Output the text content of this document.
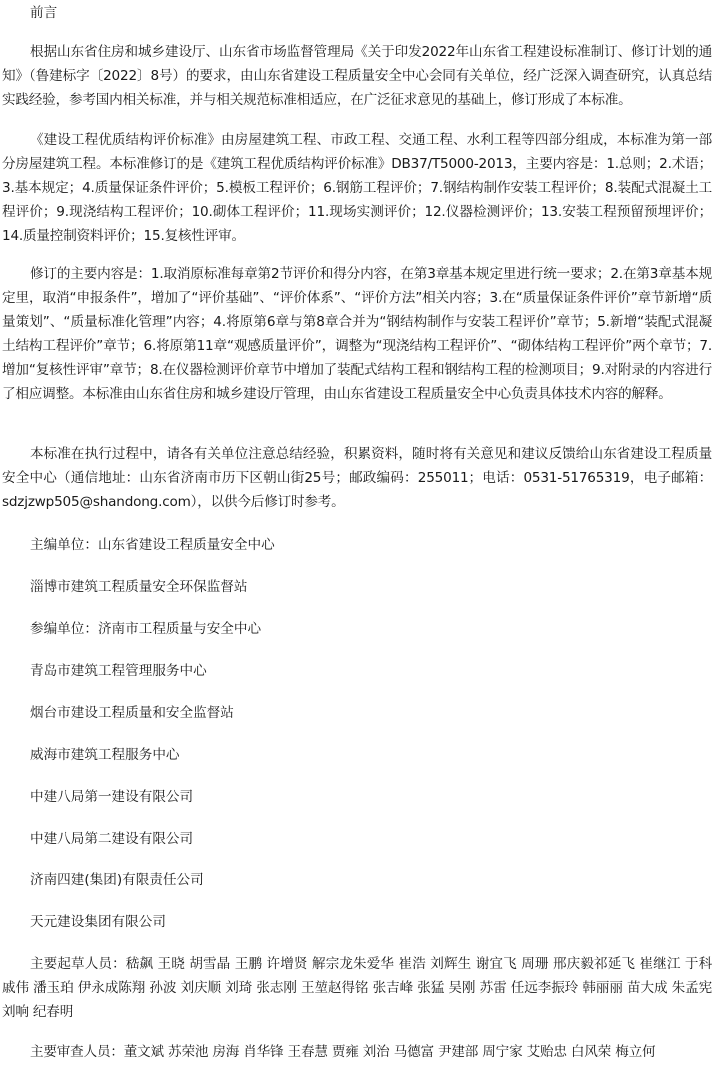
前言

根据山东省住房和城乡建设厅、山东省市场监督管理局《关于印发2022年山东省工程建设标准制订、修订计划的通知》（鲁建标字〔2022〕8号）的要求，由山东省建设工程质量安全中心会同有关单位，经广泛深入调查研究，认真总结实践经验，参考国内相关标准，并与相关规范标准相适应，在广泛征求意见的基础上，修订形成了本标准。

《建设工程优质结构评价标准》由房屋建筑工程、市政工程、交通工程、水利工程等四部分组成，本标准为第一部分房屋建筑工程。本标准修订的是《建筑工程优质结构评价标准》DB37/T5000-2013，主要内容是：1.总则；2.术语；3.基本规定；4.质量保证条件评价；5.模板工程评价；6.钢筋工程评价；7.钢结构制作安装工程评价；8.装配式混凝土工程评价；9.现浇结构工程评价；10.砌体工程评价；11.现场实测评价；12.仪器检测评价；13.安装工程预留预埋评价；14.质量控制资料评价；15.复核性评审。

修订的主要内容是：1.取消原标准每章第2节评价和得分内容，在第3章基本规定里进行统一要求；2.在第3章基本规定里，取消“申报条件”，增加了“评价基础”、“评价体系”、“评价方法”相关内容；3.在“质量保证条件评价”章节新增“质量策划”、“质量标准化管理”内容；4.将原第6章与第8章合并为“钢结构制作与安装工程评价”章节；5.新增“装配式混凝土结构工程评价”章节；6.将原第11章“观感质量评价”，调整为“现浇结构工程评价”、“砌体结构工程评价”两个章节；7.增加“复核性评审”章节；8.在仪器检测评价章节中增加了装配式结构工程和钢结构工程的检测项目；9.对附录的内容进行了相应调整。本标准由山东省住房和城乡建设厅管理，由山东省建设工程质量安全中心负责具体技术内容的解释。

本标准在执行过程中，请各有关单位注意总结经验，积累资料，随时将有关意见和建议反馈给山东省建设工程质量安全中心（通信地址：山东省济南市历下区朝山街25号；邮政编码：255011；电话：0531-51765319，电子邮箱：sdzjzwp505@shandong.com），以供今后修订时参考。

主编单位：山东省建设工程质量安全中心
淄博市建筑工程质量安全环保监督站
参编单位：济南市工程质量与安全中心
青岛市建筑工程管理服务中心
烟台市建设工程质量和安全监督站
威海市建筑工程服务中心
中建八局第一建设有限公司
中建八局第二建设有限公司
济南四建(集团)有限责任公司
天元建设集团有限公司

主要起草人员：嵇飙 王晓 胡雪晶 王鹏 许增贤 解宗龙朱爱华 崔浩 刘辉生 谢宜飞 周珊 邢庆毅祁延飞 崔继江 于科 戚伟 潘玉珀 伊永成陈翔 孙波 刘庆顺 刘琦 张志刚 王堃赵得铭 张吉峰 张猛 吴刚 苏雷 任远李振玲 韩丽丽 苗大成 朱孟宪 刘响 纪春明

主要审查人员：董文斌 苏荣池 房海 肖华锋 王春慧 贾雍 刘治 马德富 尹建部 周宁家 艾贻忠 白风荣 梅立何
